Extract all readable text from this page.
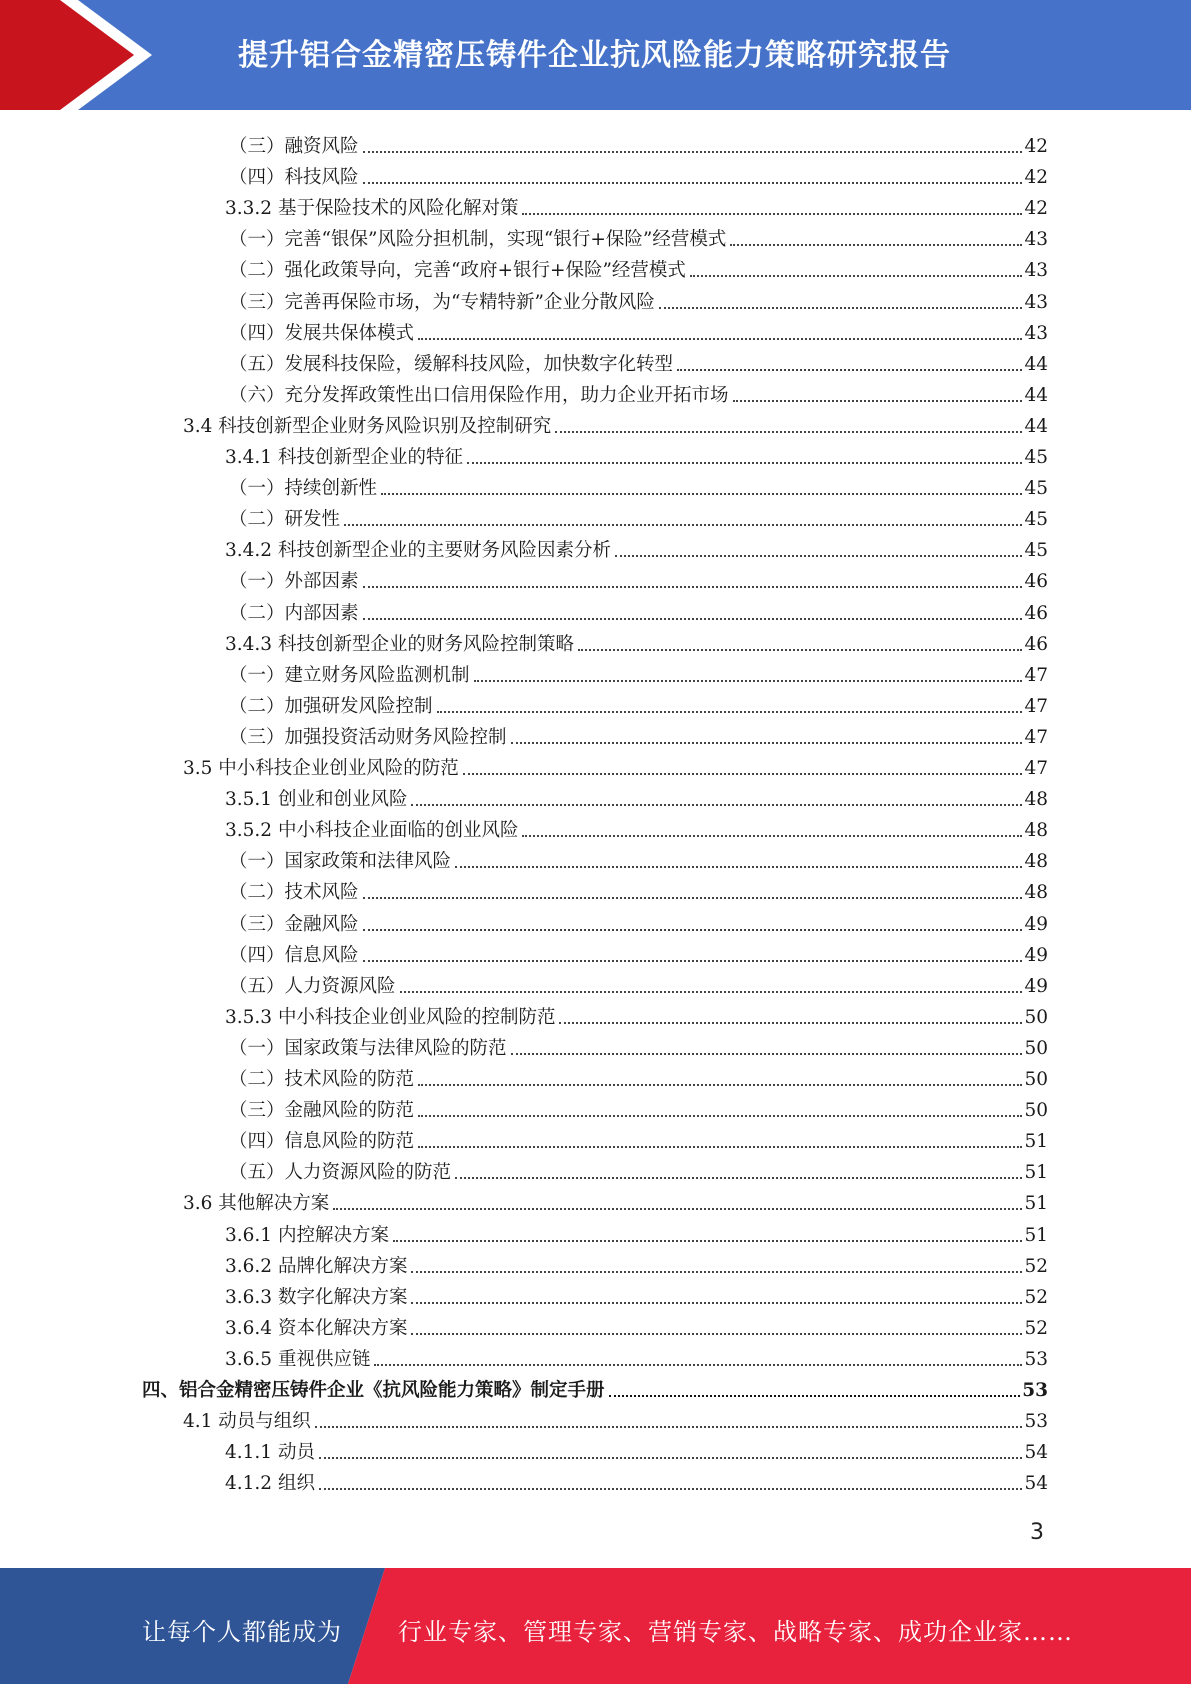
提升铝合金精密压铸件企业抗风险能力策略研究报告
（三）融资风险	42
（四）科技风险	42
3.3.2 基于保险技术的风险化解对策	42
（一）完善“银保”风险分担机制，实现“银行+保险”经营模式	43
（二）强化政策导向，完善“政府+银行+保险”经营模式	43
（三）完善再保险市场，为“专精特新”企业分散风险	43
（四）发展共保体模式	43
（五）发展科技保险，缓解科技风险，加快数字化转型	44
（六）充分发挥政策性出口信用保险作用，助力企业开拓市场	44
3.4 科技创新型企业财务风险识别及控制研究	44
3.4.1 科技创新型企业的特征	45
（一）持续创新性	45
（二）研发性	45
3.4.2 科技创新型企业的主要财务风险因素分析	45
（一）外部因素	46
（二）内部因素	46
3.4.3 科技创新型企业的财务风险控制策略	46
（一）建立财务风险监测机制	47
（二）加强研发风险控制	47
（三）加强投资活动财务风险控制	47
3.5 中小科技企业创业风险的防范	47
3.5.1 创业和创业风险	48
3.5.2 中小科技企业面临的创业风险	48
（一）国家政策和法律风险	48
（二）技术风险	48
（三）金融风险	49
（四）信息风险	49
（五）人力资源风险	49
3.5.3 中小科技企业创业风险的控制防范	50
（一）国家政策与法律风险的防范	50
（二）技术风险的防范	50
（三）金融风险的防范	50
（四）信息风险的防范	51
（五）人力资源风险的防范	51
3.6 其他解决方案	51
3.6.1 内控解决方案	51
3.6.2 品牌化解决方案	52
3.6.3 数字化解决方案	52
3.6.4 资本化解决方案	52
3.6.5 重视供应链	53
四、铝合金精密压铸件企业《抗风险能力策略》制定手册	53
4.1 动员与组织	53
4.1.1 动员	54
4.1.2 组织	54
3
让每个人都能成为 行业专家、管理专家、营销专家、战略专家、成功企业家……
